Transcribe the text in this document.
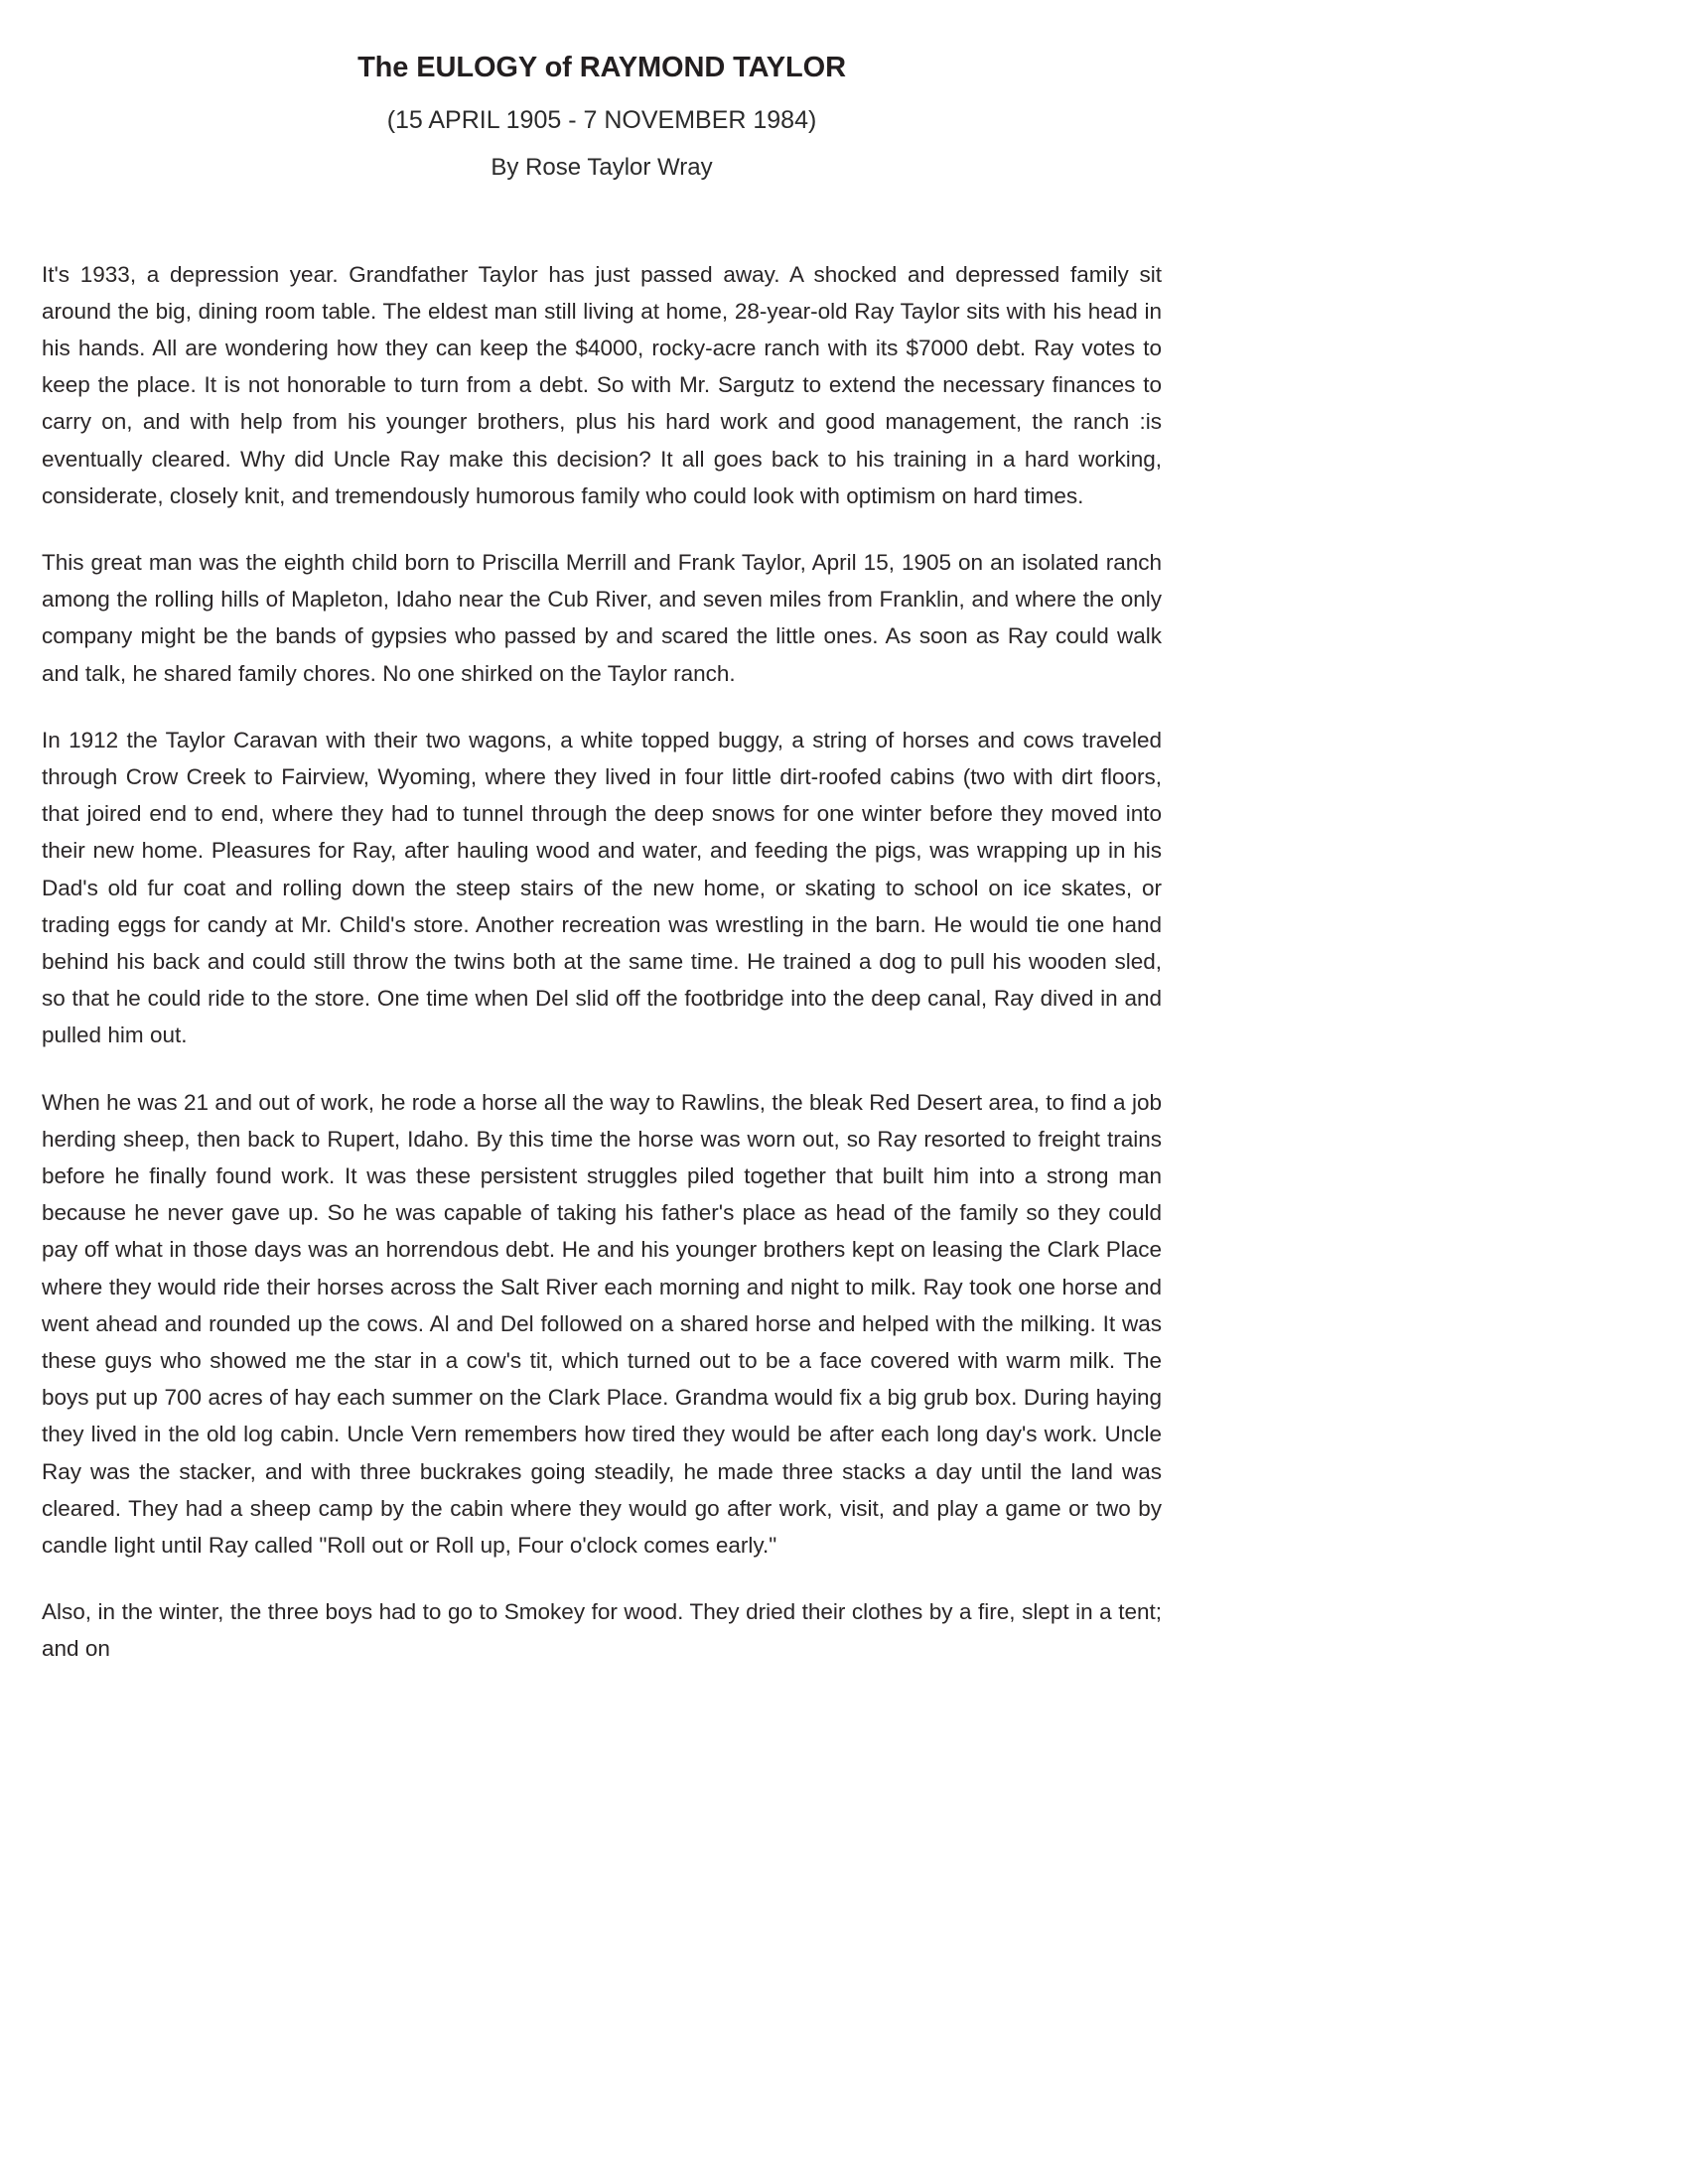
The EULOGY of RAYMOND TAYLOR
(15 APRIL 1905 - 7 NOVEMBER 1984)
By Rose Taylor Wray

It's 1933, a depression year. Grandfather Taylor has just passed away. A shocked and depressed family sit around the big, dining room table. The eldest man still living at home, 28-year-old Ray Taylor sits with his head in his hands. All are wondering how they can keep the $4000, rocky-acre ranch with its $7000 debt. Ray votes to keep the place. It is not honorable to turn from a debt. So with Mr. Sargutz to extend the necessary finances to carry on, and with help from his younger brothers, plus his hard work and good management, the ranch :is eventually cleared. Why did Uncle Ray make this decision? It all goes back to his training in a hard working, considerate, closely knit, and tremendously humorous family who could look with optimism on hard times.

This great man was the eighth child born to Priscilla Merrill and Frank Taylor, April 15, 1905 on an isolated ranch among the rolling hills of Mapleton, Idaho near the Cub River, and seven miles from Franklin, and where the only company might be the bands of gypsies who passed by and scared the little ones. As soon as Ray could walk and talk, he shared family chores. No one shirked on the Taylor ranch.

In 1912 the Taylor Caravan with their two wagons, a white topped buggy, a string of horses and cows traveled through Crow Creek to Fairview, Wyoming, where they lived in four little dirt-roofed cabins (two with dirt floors, that joired end to end, where they had to tunnel through the deep snows for one winter before they moved into their new home. Pleasures for Ray, after hauling wood and water, and feeding the pigs, was wrapping up in his Dad's old fur coat and rolling down the steep stairs of the new home, or skating to school on ice skates, or trading eggs for candy at Mr. Child's store. Another recreation was wrestling in the barn. He would tie one hand behind his back and could still throw the twins both at the same time. He trained a dog to pull his wooden sled, so that he could ride to the store. One time when Del slid off the footbridge into the deep canal, Ray dived in and pulled him out.

When he was 21 and out of work, he rode a horse all the way to Rawlins, the bleak Red Desert area, to find a job herding sheep, then back to Rupert, Idaho. By this time the horse was worn out, so Ray resorted to freight trains before he finally found work. It was these persistent struggles piled together that built him into a strong man because he never gave up. So he was capable of taking his father's place as head of the family so they could pay off what in those days was an horrendous debt. He and his younger brothers kept on leasing the Clark Place where they would ride their horses across the Salt River each morning and night to milk. Ray took one horse and went ahead and rounded up the cows. Al and Del followed on a shared horse and helped with the milking. It was these guys who showed me the star in a cow's tit, which turned out to be a face covered with warm milk. The boys put up 700 acres of hay each summer on the Clark Place. Grandma would fix a big grub box. During haying they lived in the old log cabin. Uncle Vern remembers how tired they would be after each long day's work. Uncle Ray was the stacker, and with three buckrakes going steadily, he made three stacks a day until the land was cleared. They had a sheep camp by the cabin where they would go after work, visit, and play a game or two by candle light until Ray called "Roll out or Roll up, Four o'clock comes early."

Also, in the winter, the three boys had to go to Smokey for wood. They dried their clothes by a fire, slept in a tent; and on
